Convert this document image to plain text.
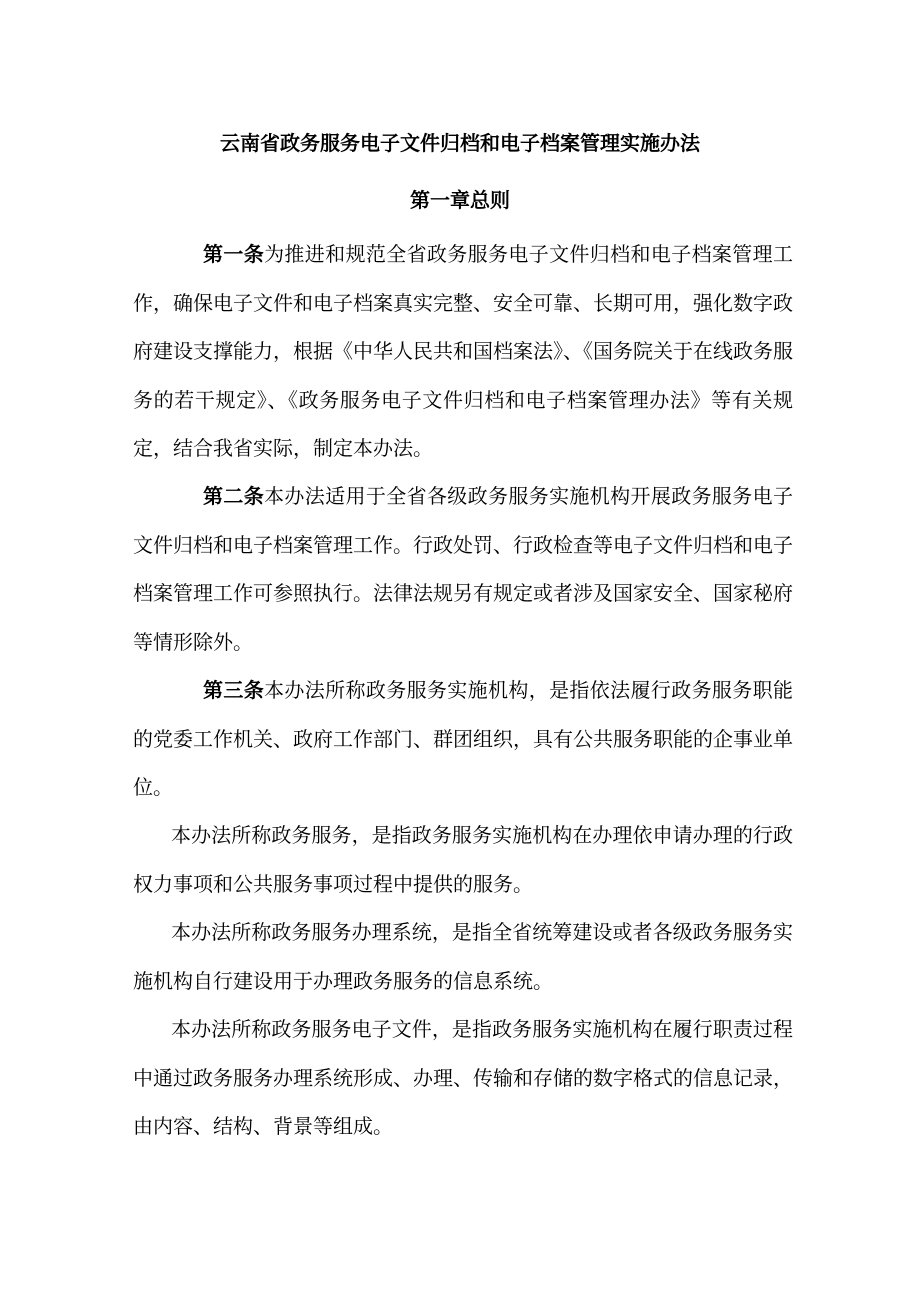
云南省政务服务电子文件归档和电子档案管理实施办法
第一章总则

第一条为推进和规范全省政务服务电子文件归档和电子档案管理工作，确保电子文件和电子档案真实完整、安全可靠、长期可用，强化数字政府建设支撑能力，根据《中华人民共和国档案法》、《国务院关于在线政务服务的若干规定》、《政务服务电子文件归档和电子档案管理办法》等有关规定，结合我省实际，制定本办法。

第二条本办法适用于全省各级政务服务实施机构开展政务服务电子文件归档和电子档案管理工作。行政处罚、行政检查等电子文件归档和电子档案管理工作可参照执行。法律法规另有规定或者涉及国家安全、国家秘府等情形除外。

第三条本办法所称政务服务实施机构，是指依法履行政务服务职能的党委工作机关、政府工作部门、群团组织，具有公共服务职能的企事业单位。

本办法所称政务服务，是指政务服务实施机构在办理依申请办理的行政权力事项和公共服务事项过程中提供的服务。

本办法所称政务服务办理系统，是指全省统筹建设或者各级政务服务实施机构自行建设用于办理政务服务的信息系统。

本办法所称政务服务电子文件，是指政务服务实施机构在履行职责过程中通过政务服务办理系统形成、办理、传输和存储的数字格式的信息记录，由内容、结构、背景等组成。
